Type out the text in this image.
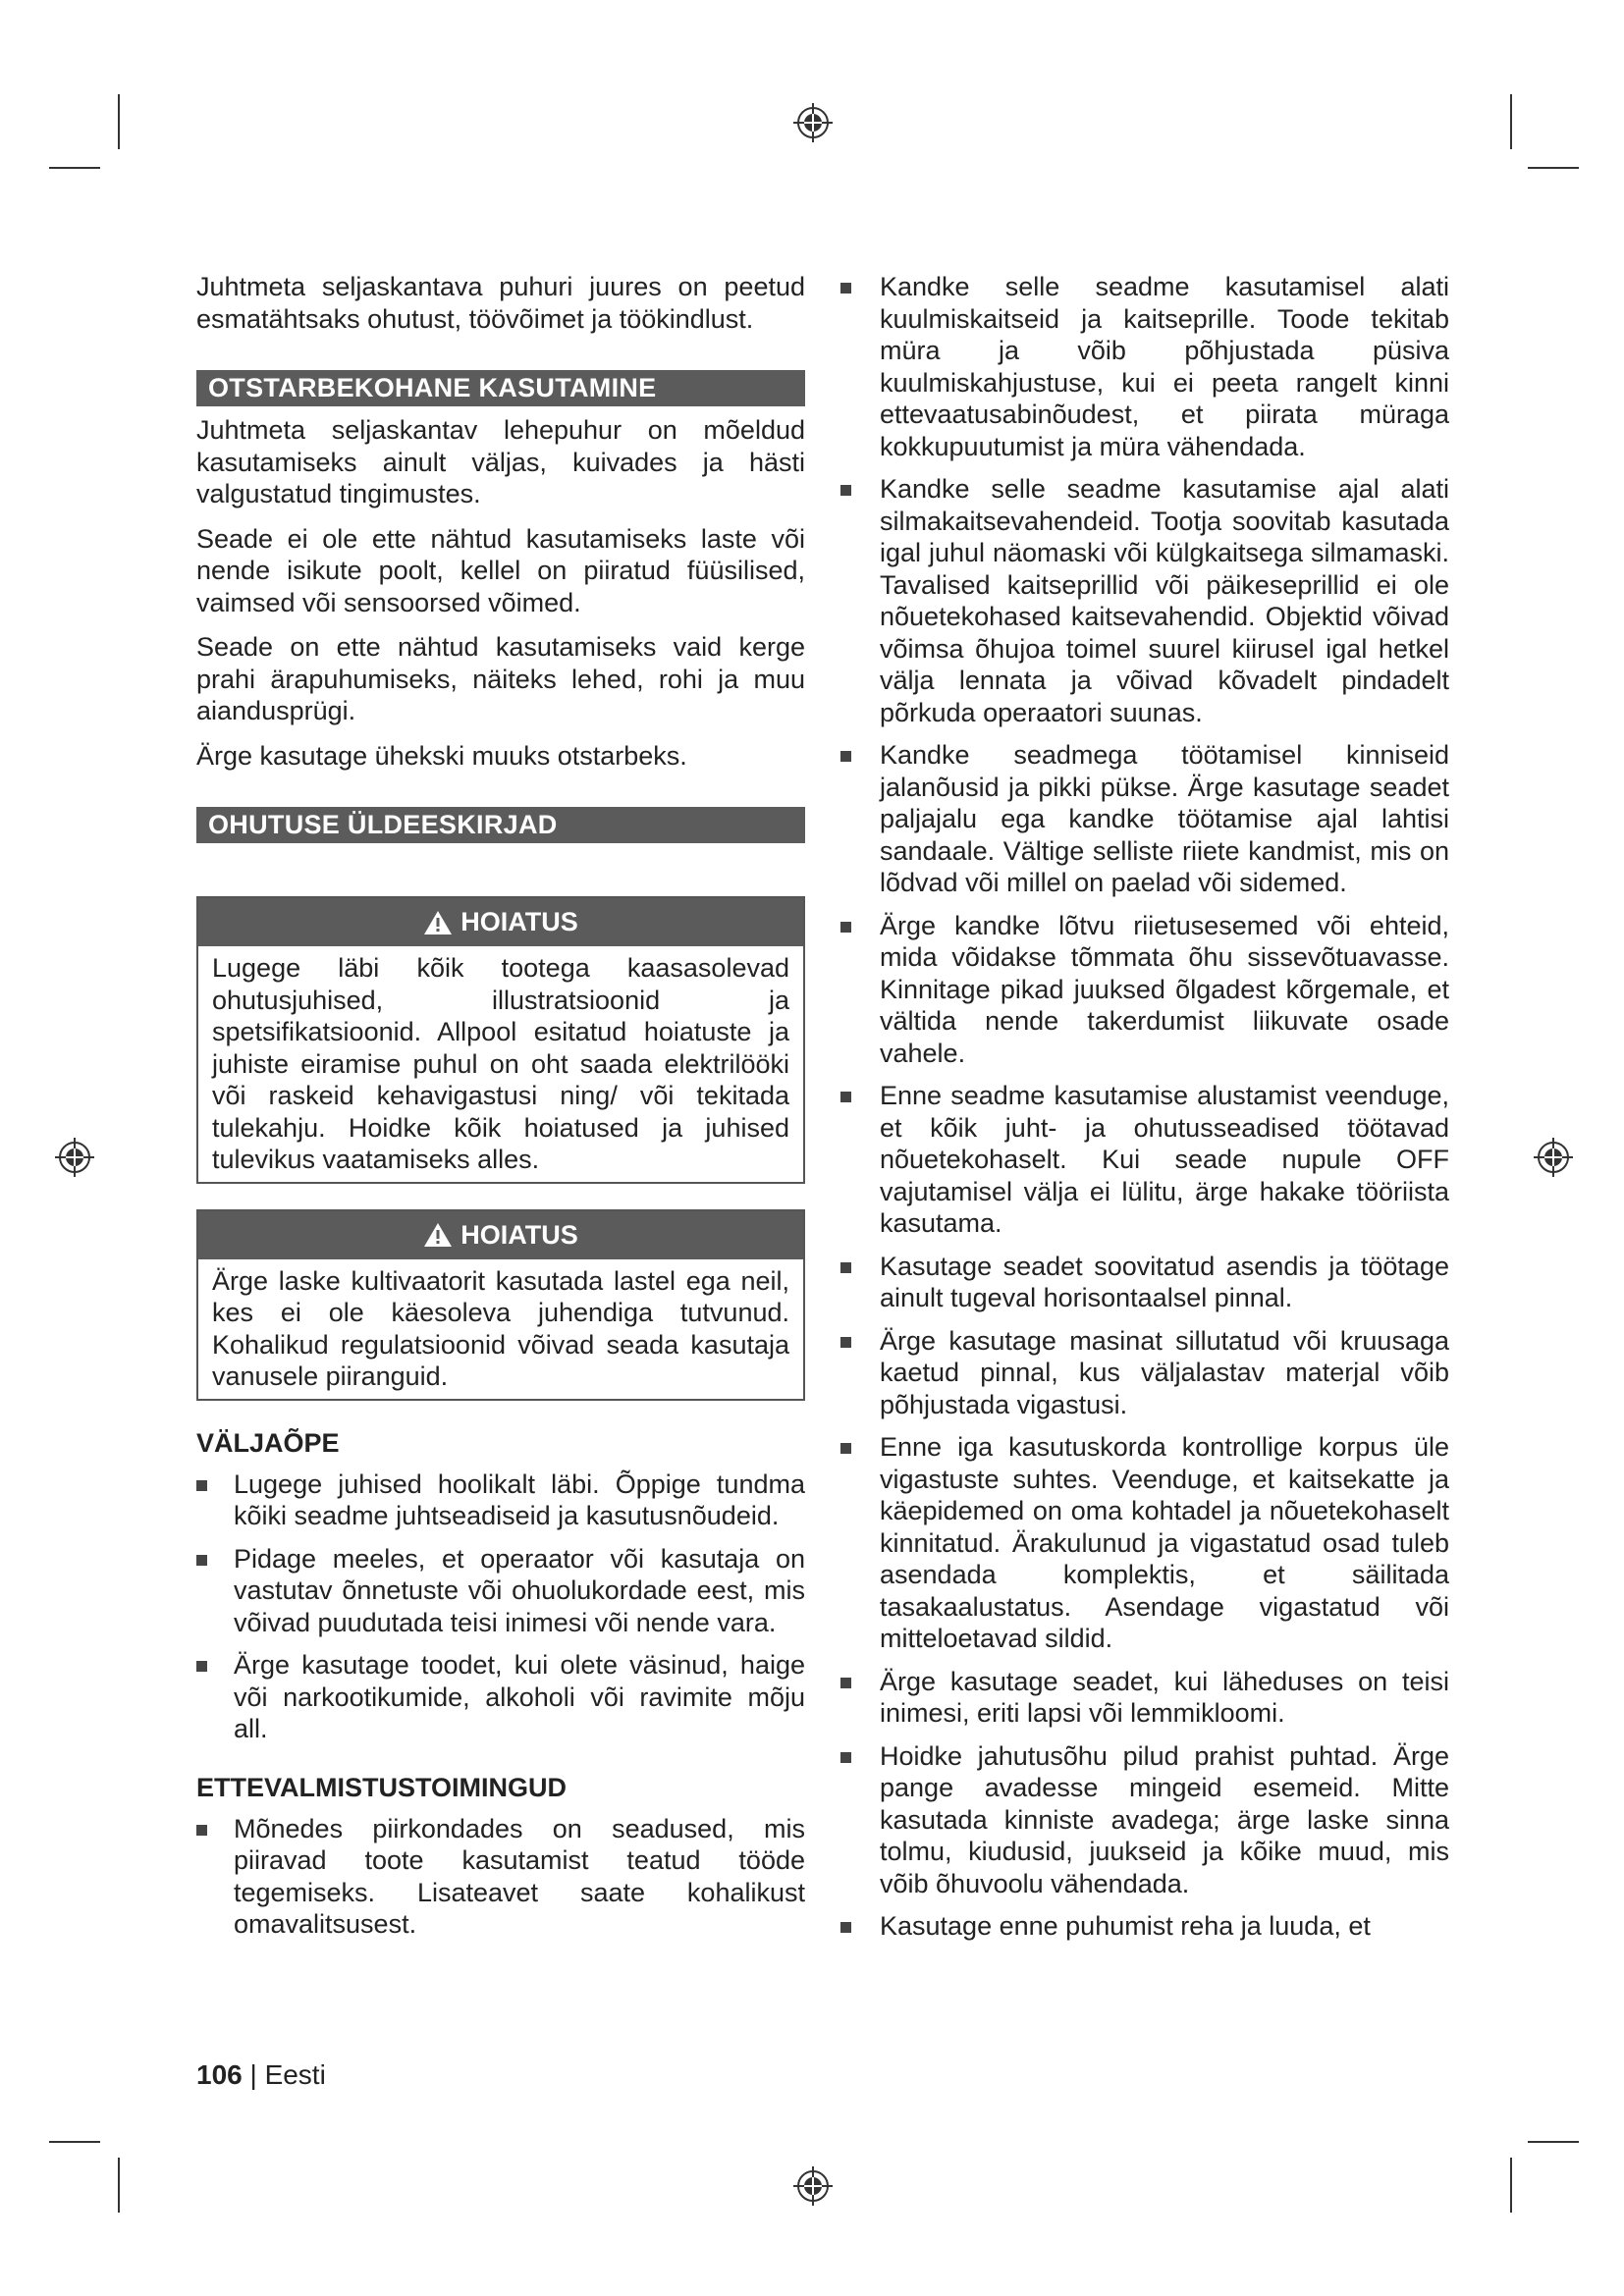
Juhtmeta seljaskantava puhuri juures on peetud esmatähtsaks ohutust, töövõimet ja töökindlust.

OTSTARBEKOHANE KASUTAMINE

Juhtmeta seljaskantav lehepuhur on mõeldud kasutamiseks ainult väljas, kuivades ja hästi valgustatud tingimustes.

Seade ei ole ette nähtud kasutamiseks laste või nende isikute poolt, kellel on piiratud füüsilised, vaimsed või sensoorsed võimed.

Seade on ette nähtud kasutamiseks vaid kerge prahi ärapuhumiseks, näiteks lehed, rohi ja muu aiandusprügi.

Ärge kasutage ühekski muuks otstarbeks.

OHUTUSE ÜLDEESKIRJAD
HOIATUS
Lugege läbi kõik tootega kaasasolevad ohutusjuhised, illustratsioonid ja spetsifikatsioonid. Allpool esitatud hoiatuste ja juhiste eiramise puhul on oht saada elektrilööki või raskeid kehavigastusi ning/ või tekitada tulekahju. Hoidke kõik hoiatused ja juhised tulevikus vaatamiseks alles.
HOIATUS
Ärge laske kultivaatorit kasutada lastel ega neil, kes ei ole käesoleva juhendiga tutvunud. Kohalikud regulatsioonid võivad seada kasutaja vanusele piiranguid.
VÄLJAÕPE
Lugege juhised hoolikalt läbi. Õppige tundma kõiki seadme juhtseadiseid ja kasutusnõudeid.
Pidage meeles, et operaator või kasutaja on vastutav õnnetuste või ohuolukordade eest, mis võivad puudutada teisi inimesi või nende vara.
Ärge kasutage toodet, kui olete väsinud, haige või narkootikumide, alkoholi või ravimite mõju all.
ETTEVALMISTUSTOIMINGUD
Mõnedes piirkondades on seadused, mis piiravad toote kasutamist teatud tööde tegemiseks. Lisateavet saate kohalikust omavalitsusest.
Kandke selle seadme kasutamisel alati kuulmiskaitseid ja kaitseprille. Toode tekitab müra ja võib põhjustada püsiva kuulmiskahjustuse, kui ei peeta rangelt kinni ettevaatusabinõudest, et piirata müraga kokkupuutumist ja müra vähendada.
Kandke selle seadme kasutamise ajal alati silmakaitsevahendeid. Tootja soovitab kasutada igal juhul näomaski või külgkaitsega silmamaski. Tavalised kaitseprillid või päikeseprillid ei ole nõuetekohased kaitsevahendid. Objektid võivad võimsa õhujoa toimel suurel kiirusel igal hetkel välja lennata ja võivad kõvadelt pindadelt põrkuda operaatori suunas.
Kandke seadmega töötamisel kinniseid jalanõusid ja pikki pükse. Ärge kasutage seadet paljajalu ega kandke töötamise ajal lahtisi sandaale. Vältige selliste riiete kandmist, mis on lõdvad või millel on paelad või sidemed.
Ärge kandke lõtvu riietusesemed või ehteid, mida võidakse tõmmata õhu sissevõtuavasse. Kinnitage pikad juuksed õlgadest kõrgemale, et vältida nende takerdumist liikuvate osade vahele.
Enne seadme kasutamise alustamist veenduge, et kõik juht- ja ohutusseadised töötavad nõuetekohaselt. Kui seade nupule OFF vajutamisel välja ei lülitu, ärge hakake tööriista kasutama.
Kasutage seadet soovitatud asendis ja töötage ainult tugeval horisontaalsel pinnal.
Ärge kasutage masinat sillutatud või kruusaga kaetud pinnal, kus väljalastav materjal võib põhjustada vigastusi.
Enne iga kasutuskorda kontrollige korpus üle vigastuste suhtes. Veenduge, et kaitsekatte ja käepidemed on oma kohtadel ja nõuetekohaselt kinnitatud. Ärakulunud ja vigastatud osad tuleb asendada komplektis, et säilitada tasakaalustatus. Asendage vigastatud või mitteloetavad sildid.
Ärge kasutage seadet, kui läheduses on teisi inimesi, eriti lapsi või lemmikloomi.
Hoidke jahutusõhu pilud prahist puhtad. Ärge pange avadesse mingeid esemeid. Mitte kasutada kinniste avadega; ärge laske sinna tolmu, kiudusid, juukseid ja kõike muud, mis võib õhuvoolu vähendada.
Kasutage enne puhumist reha ja luuda, et
106 | Eesti
